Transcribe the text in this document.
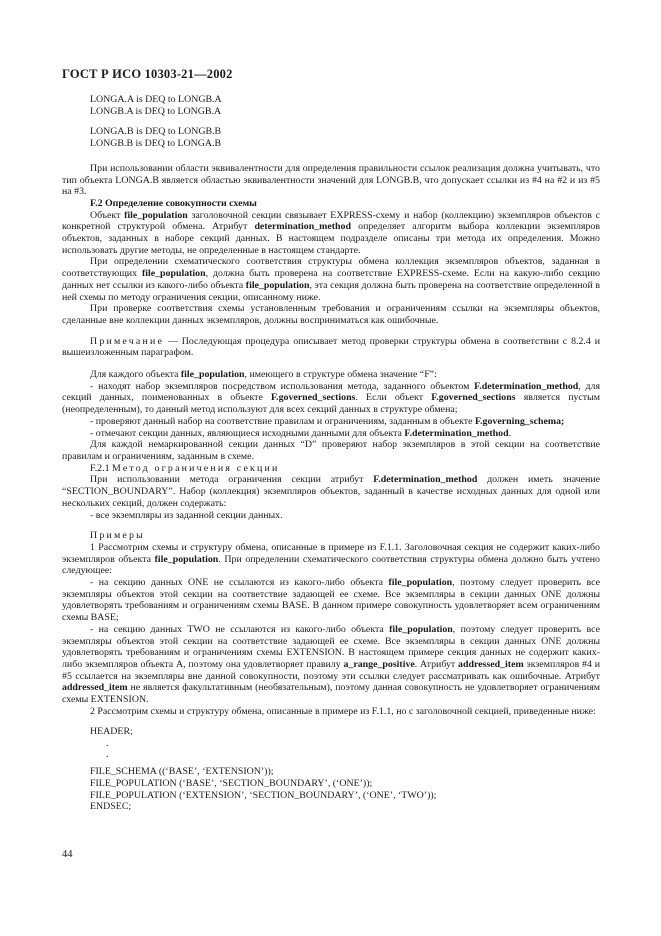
ГОСТ Р ИСО 10303-21—2002

LONGA.A is DEQ to LONGB.A

LONGB.A is DEQ to LONGB.A

LONGA.B is DEQ to LONGB.B

LONGB.B is DEQ to LONGA.B

При использовании области эквивалентности для определения правильности ссылок реализация должна учитывать, что тип объекта LONGA.B является областью эквивалентности значений для LONGB.B, что допускает ссылки из #4 на #2 и из #5 на #3.

F.2 Определение совокупности схемы

Объект file_population заголовочной секции связывает EXPRESS-схему и набор (коллекцию) экземпляров объектов с конкретной структурой обмена. Атрибут determination_method определяет алгоритм выбора коллекции экземпляров объектов, заданных в наборе секций данных. В настоящем подразделе описаны три метода их определения. Можно использовать другие методы, не определенные в настоящем стандарте.

При определении схематического соответствия структуры обмена коллекция экземпляров объектов, заданная в соответствующих file_population, должна быть проверена на соответствие EXPRESS-схеме. Если на какую-либо секцию данных нет ссылки из какого-либо объекта file_population, эта секция должна быть проверена на соответствие определенной в ней схемы по методу ограничения секции, описанному ниже.

При проверке соответствия схемы установленным требования и ограничениям ссылки на экземпляры объектов, сделанные вне коллекции данных экземпляров, должны восприниматься как ошибочные.

Примечание — Последующая процедура описывает метод проверки структуры обмена в соответствии с 8.2.4 и вышеизложенным параграфом.

Для каждого объекта file_population, имеющего в структуре обмена значение “F”:

- находят набор экземпляров посредством использования метода, заданного объектом F.determination_method, для секций данных, поименованных в объекте F.governed_sections. Если объект F.governed_sections является пустым (неопределенным), то данный метод используют для всех секций данных в структуре обмена;

- проверяют данный набор на соответствие правилам и ограничениям, заданным в объекте F.governing_schema;

- отмечают секции данных, являющиеся исходными данными для объекта F.determination_method.

Для каждой немаркированной секции данных “D” проверяют набор экземпляров в этой секции на соответствие правилам и ограничениям, заданным в схеме.

F.2.1 Метод ограничения секции

При использовании метода ограничения секции атрибут F.determination_method должен иметь значение “SECTION_BOUNDARY”. Набор (коллекция) экземпляров объектов, заданный в качестве исходных данных для одной или нескольких секций, должен содержать:

- все экземпляры из заданной секции данных.

Примеры

1 Рассмотрим схемы и структуру обмена, описанные в примере из F.1.1. Заголовочная секция не содержит каких-либо экземпляров объекта file_population. При определении схематического соответствия структуры обмена должно быть учтено следующее:

- на секцию данных ONE не ссылаются из какого-либо объекта file_population, поэтому следует проверить все экземпляры объектов этой секции на соответствие задающей ее схеме. Все экземпляры в секции данных ONE должны удовлетворять требованиям и ограничениям схемы BASE. В данном примере совокупность удовлетворяет всем ограничениям схемы BASE;

- на секцию данных TWO не ссылаются из какого-либо объекта file_population, поэтому следует проверить все экземпляры объектов этой секции на соответствие задающей ее схеме. Все экземпляры в секции данных ONE должны удовлетворять требованиям и ограничениям схемы EXTENSION. В настоящем примере секция данных не содержит каких-либо экземпляров объекта A, поэтому она удовлетворяет правилу a_range_positive. Атрибут addressed_item экземпляров #4 и #5 ссылается на экземпляры вне данной совокупности, поэтому эти ссылки следует рассматривать как ошибочные. Атрибут addressed_item не является факультативным (необязательным), поэтому данная совокупность не удовлетворяет ограничениям схемы EXTENSION.

2 Рассмотрим схемы и структуру обмена, описанные в примере из F.1.1, но с заголовочной секцией, приведенные ниже:

HEADER;

.

.

FILE_SCHEMA ((‘BASE’, ‘EXTENSION’));

FILE_POPULATION (‘BASE’, ‘SECTION_BOUNDARY’, (‘ONE’));

FILE_POPULATION (‘EXTENSION’, ‘SECTION_BOUNDARY’, (‘ONE’, ‘TWO’));

ENDSEC;

44
